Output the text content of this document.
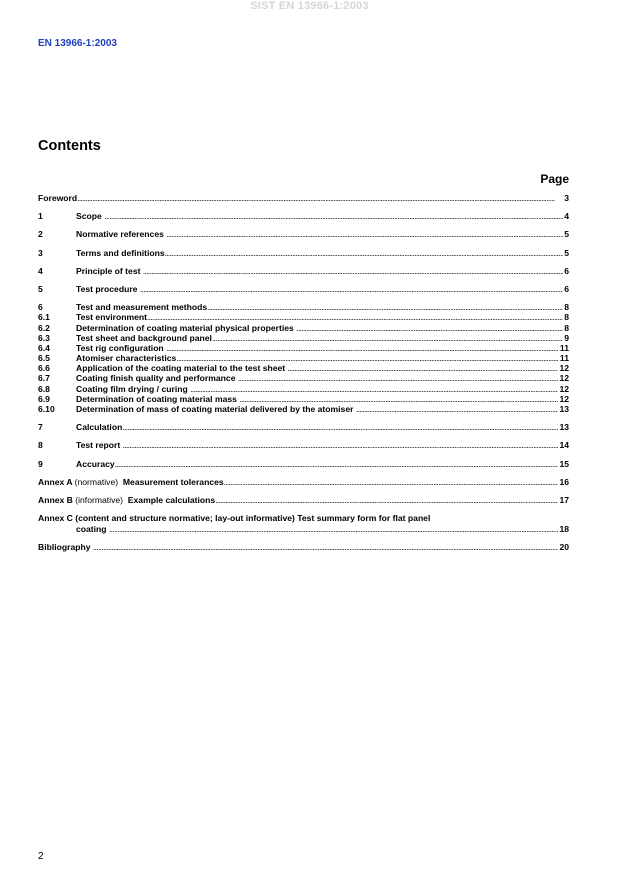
SIST EN 13966-1:2003
EN 13966-1:2003
Contents
Page
Foreword . . .	3
1	Scope . . .	4
2	Normative references . . .	5
3	Terms and definitions . . .	5
4	Principle of test . . .	6
5	Test procedure . . .	6
6	Test and measurement methods . . .	8
6.1	Test environment . . .	8
6.2	Determination of coating material physical properties . . .	8
6.3	Test sheet and background panel . . .	9
6.4	Test rig configuration . . .	11
6.5	Atomiser characteristics . . .	11
6.6	Application of the coating material to the test sheet . . .	12
6.7	Coating finish quality and performance . . .	12
6.8	Coating film drying / curing . . .	12
6.9	Determination of coating material mass . . .	12
6.10 Determination of mass of coating material delivered by the atomiser . . .	13
7	Calculation . . .	13
8	Test report . . .	14
9	Accuracy . . .	15
Annex A (normative) Measurement tolerances . . .	16
Annex B (informative) Example calculations . . .	17
Annex C (content and structure normative; lay-out informative) Test summary form for flat panel
coating . . .	18
Bibliography . . .	20
2
